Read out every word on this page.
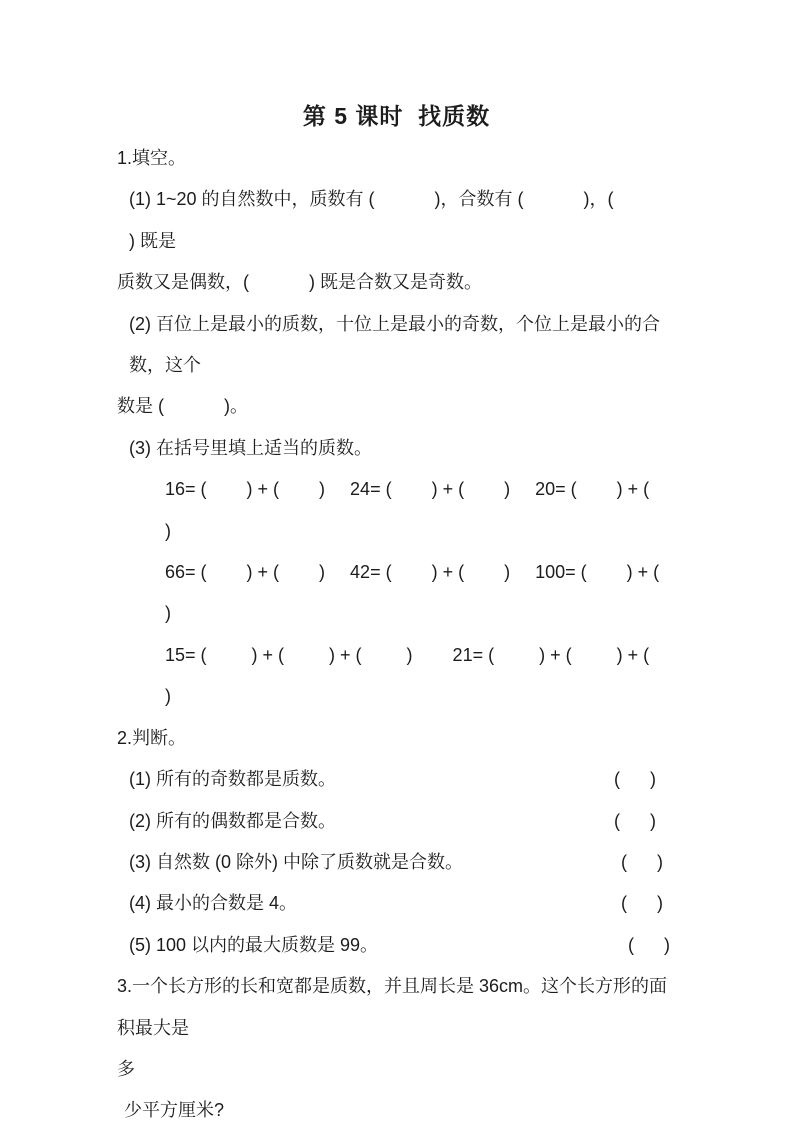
第 5 课时  找质数

1.填空。

(1) 1~20 的自然数中，质数有 (            )，合数有 (            )，(            ) 既是

质数又是偶数，(            ) 既是合数又是奇数。

(2) 百位上是最小的质数，十位上是最小的奇数，个位上是最小的合数，这个

数是 (            )。

(3) 在括号里填上适当的质数。

16= (        ) + (        )     24= (        ) + (        )     20= (        ) + (        )

66= (        ) + (        )     42= (        ) + (        )     100= (        ) + (        )

15= (         ) + (         ) + (         )        21= (         ) + (         ) + (         )

2.判断。

(1) 所有的奇数都是质数。	(      )
(2) 所有的偶数都是合数。	(      )
(3) 自然数 (0 除外) 中除了质数就是合数。	(      )
(4) 最小的合数是 4。	(      )
(5) 100 以内的最大质数是 99。	(      )

3.一个长方形的长和宽都是质数，并且周长是 36cm。这个长方形的面积最大是

多

少平方厘米?
